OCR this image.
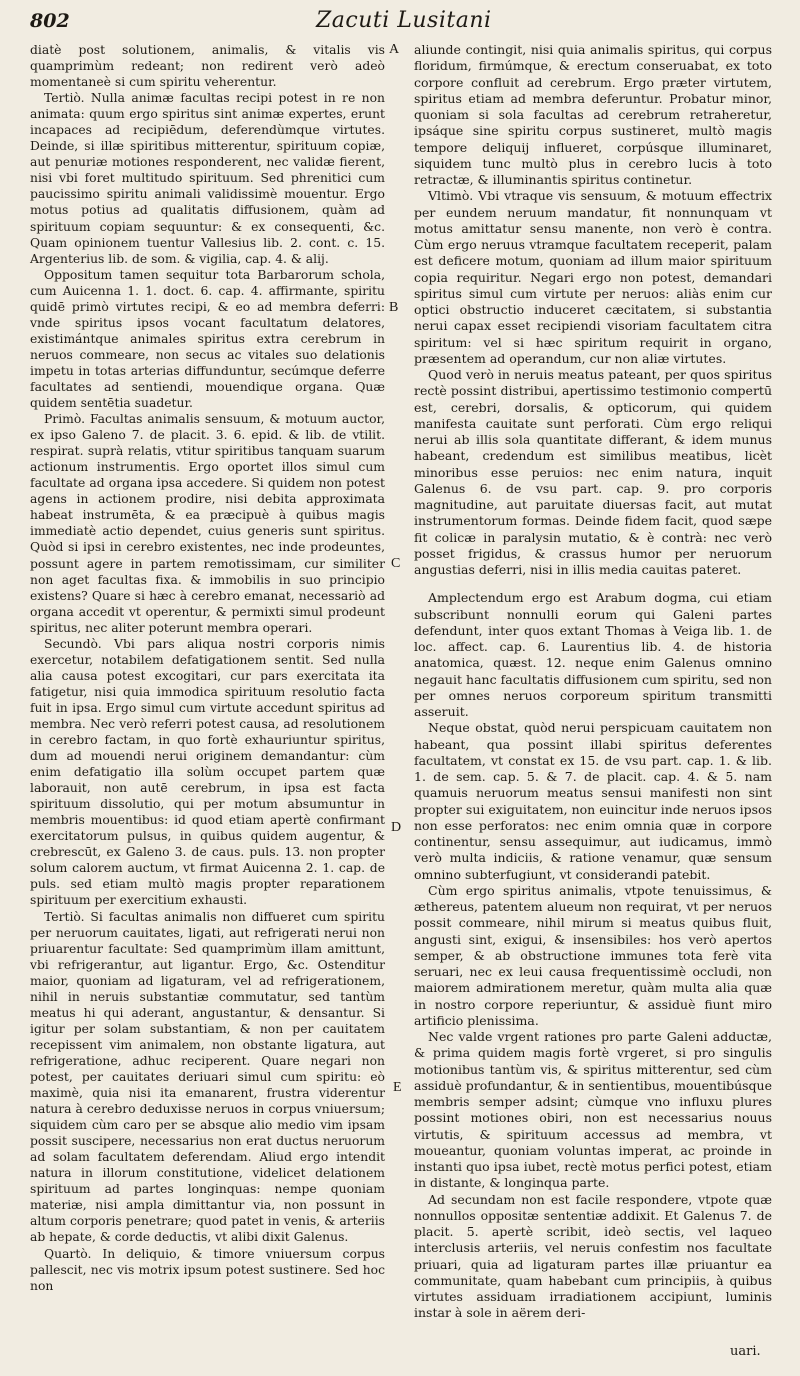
802	Zacuti Lusitani

diatè post solutionem, animalis, & vitalis vis quamprimùm redeant; non redirent verò adeò momentaneè si cum spiritu veherentur.

Tertiò. Nulla animæ facultas recipi potest in re non animata: quum ergo spiritus sint animæ expertes, erunt incapaces ad recipiēdum, deferendùmque virtutes. Deinde, si illæ spiritibus mitterentur, spirituum copiæ, aut penuriæ motiones responderent, nec validæ fierent, nisi vbi foret multitudo spirituum. Sed phrenitici cum paucissimo spiritu animali validissimè mouentur. Ergo motus potius ad qualitatis diffusionem, quàm ad spirituum copiam sequuntur: & ex consequenti, &c. Quam opinionem tuentur Vallesius lib. 2. cont. c. 15. Argenterius lib. de som. & vigilia, cap. 4. & alij.

Oppositum tamen sequitur tota Barbarorum schola, cum Auicenna 1. 1. doct. 6. cap. 4. affirmante, spiritu quidē primò virtutes recipi, & eo ad membra deferri: vnde spiritus ipsos vocant facultatum delatores, existimántque animales spiritus extra cerebrum in neruos commeare, non secus ac vitales suo delationis impetu in totas arterias diffunduntur, secúmque deferre facultates ad sentiendi, mouendique organa. Quæ quidem sentētia suadetur.

Primò. Facultas animalis sensuum, & motuum auctor, ex ipso Galeno 7. de placit. 3. 6. epid. & lib. de vtilit. respirat. suprà relatis, vtitur spiritibus tanquam suarum actionum instrumentis. Ergo oportet illos simul cum facultate ad organa ipsa accedere. Si quidem non potest agens in actionem prodire, nisi debita approximata habeat instrumēta, & ea præcipuè à quibus magis immediatè actio dependet, cuius generis sunt spiritus. Quòd si ipsi in cerebro existentes, nec inde prodeuntes, possunt agere in partem remotissimam, cur similiter non aget facultas fixa. & immobilis in suo principio existens? Quare si hæc à cerebro emanat, necessariò ad organa accedit vt operentur, & permixti simul prodeunt spiritus, nec aliter poterunt membra operari.

Secundò. Vbi pars aliqua nostri corporis nimis exercetur, notabilem defatigationem sentit. Sed nulla alia causa potest excogitari, cur pars exercitata ita fatigetur, nisi quia immodica spirituum resolutio facta fuit in ipsa. Ergo simul cum virtute accedunt spiritus ad membra. Nec verò referri potest causa, ad resolutionem in cerebro factam, in quo fortè exhauriuntur spiritus, dum ad mouendi nerui originem demandantur: cùm enim defatigatio illa solùm occupet partem quæ laborauit, non autē cerebrum, in ipsa est facta spirituum dissolutio, qui per motum absumuntur in membris mouentibus: id quod etiam apertè confirmant exercitatorum pulsus, in quibus quidem augentur, & crebrescūt, ex Galeno 3. de caus. puls. 13. non propter solum calorem auctum, vt firmat Auicenna 2. 1. cap. de puls. sed etiam multò magis propter reparationem spirituum per exercitium exhausti.

Tertiò. Si facultas animalis non diffueret cum spiritu per neruorum cauitates, ligati, aut refrigerati nerui non priuarentur facultate: Sed quamprimùm illam amittunt, vbi refrigerantur, aut ligantur. Ergo, &c. Ostenditur maior, quoniam ad ligaturam, vel ad refrigerationem, nihil in neruis substantiæ commutatur, sed tantùm meatus hi qui aderant, angustantur, & densantur. Si igitur per solam substantiam, & non per cauitatem recepissent vim animalem, non obstante ligatura, aut refrigeratione, adhuc reciperent. Quare negari non potest, per cauitates deriuari simul cum spiritu: eò maximè, quia nisi ita emanarent, frustra viderentur natura à cerebro deduxisse neruos in corpus vniuersum; siquidem cùm caro per se absque alio medio vim ipsam possit suscipere, necessarius non erat ductus neruorum ad solam facultatem deferendam. Aliud ergo intendit natura in illorum constitutione, videlicet delationem spirituum ad partes longinquas: nempe quoniam materiæ, nisi ampla dimittantur via, non possunt in altum corporis penetrare; quod patet in venis, & arteriis ab hepate, & corde deductis, vt alibi dixit Galenus.

Quartò. In deliquio, & timore vniuersum corpus pallescit, nec vis motrix ipsum potest sustinere. Sed hoc non

aliunde contingit, nisi quia animalis spiritus, qui corpus floridum, firmúmque, & erectum conseruabat, ex toto corpore confluit ad cerebrum. Ergo præter virtutem, spiritus etiam ad membra deferuntur. Probatur minor, quoniam si sola facultas ad cerebrum retraheretur, ipsáque sine spiritu corpus sustineret, multò magis tempore deliquij influeret, corpúsque illuminaret, siquidem tunc multò plus in cerebro lucis à toto retractæ, & illuminantis spiritus continetur.

Vltimò. Vbi vtraque vis sensuum, & motuum effectrix per eundem neruum mandatur, fit nonnunquam vt motus amittatur sensu manente, non verò è contra. Cùm ergo neruus vtramque facultatem receperit, palam est deficere motum, quoniam ad illum maior spirituum copia requiritur. Negari ergo non potest, demandari spiritus simul cum virtute per neruos: aliàs enim cur optici obstructio induceret cæcitatem, si substantia nerui capax esset recipiendi visoriam facultatem citra spiritum: vel si hæc spiritum requirit in organo, præsentem ad operandum, cur non aliæ virtutes.

Quod verò in neruis meatus pateant, per quos spiritus rectè possint distribui, apertissimo testimonio compertū est, cerebri, dorsalis, & opticorum, qui quidem manifesta cauitate sunt perforati. Cùm ergo reliqui nerui ab illis sola quantitate differant, & idem munus habeant, credendum est similibus meatibus, licèt minoribus esse peruios: nec enim natura, inquit Galenus 6. de vsu part. cap. 9. pro corporis magnitudine, aut paruitate diuersas facit, aut mutat instrumentorum formas. Deinde fidem facit, quod sæpe fit colicæ in paralysin mutatio, & è contrà: nec verò posset frigidus, & crassus humor per neruorum angustias deferri, nisi in illis media cauitas pateret.

Amplectendum ergo est Arabum dogma, cui etiam subscribunt nonnulli eorum qui Galeni partes defendunt, inter quos extant Thomas à Veiga lib. 1. de loc. affect. cap. 6. Laurentius lib. 4. de historia anatomica, quæst. 12. neque enim Galenus omnino negauit hanc facultatis diffusionem cum spiritu, sed non per omnes neruos corporeum spiritum transmitti asseruit.

Neque obstat, quòd nerui perspicuam cauitatem non habeant, qua possint illabi spiritus deferentes facultatem, vt constat ex 15. de vsu part. cap. 1. & lib. 1. de sem. cap. 5. & 7. de placit. cap. 4. & 5. nam quamuis neruorum meatus sensui manifesti non sint propter sui exiguitatem, non euincitur inde neruos ipsos non esse perforatos: nec enim omnia quæ in corpore continentur, sensu assequimur, aut iudicamus, immò verò multa indiciis, & ratione venamur, quæ sensum omnino subterfugiunt, vt considerandi patebit.

Cùm ergo spiritus animalis, vtpote tenuissimus, & æthereus, patentem alueum non requirat, vt per neruos possit commeare, nihil mirum si meatus quibus fluit, angusti sint, exigui, & insensibiles: hos verò apertos semper, & ab obstructione immunes tota ferè vita seruari, nec ex leui causa frequentissimè occludi, non maiorem admirationem meretur, quàm multa alia quæ in nostro corpore reperiuntur, & assiduè fiunt miro artificio plenissima.

Nec valde vrgent rationes pro parte Galeni adductæ, & prima quidem magis fortè vrgeret, si pro singulis motionibus tantùm vis, & spiritus mitterentur, sed cùm assiduè profundantur, & in sentientibus, mouentibúsque membris semper adsint; cùmque vno influxu plures possint motiones obiri, non est necessarius nouus virtutis, & spirituum accessus ad membra, vt moueantur, quoniam voluntas imperat, ac proinde in instanti quo ipsa iubet, rectè motus perfici potest, etiam in distante, & longinqua parte.

Ad secundam non est facile respondere, vtpote quæ nonnullos oppositæ sententiæ addixit. Et Galenus 7. de placit. 5. apertè scribit, ideò sectis, vel laqueo interclusis arteriis, vel neruis confestim nos facultate priuari, quia ad ligaturam partes illæ priuantur ea communitate, quam habebant cum principiis, à quibus virtutes assiduam irradiationem accipiunt, luminis instar à sole in aërem deri-

A
B
C
D
E
uari.
